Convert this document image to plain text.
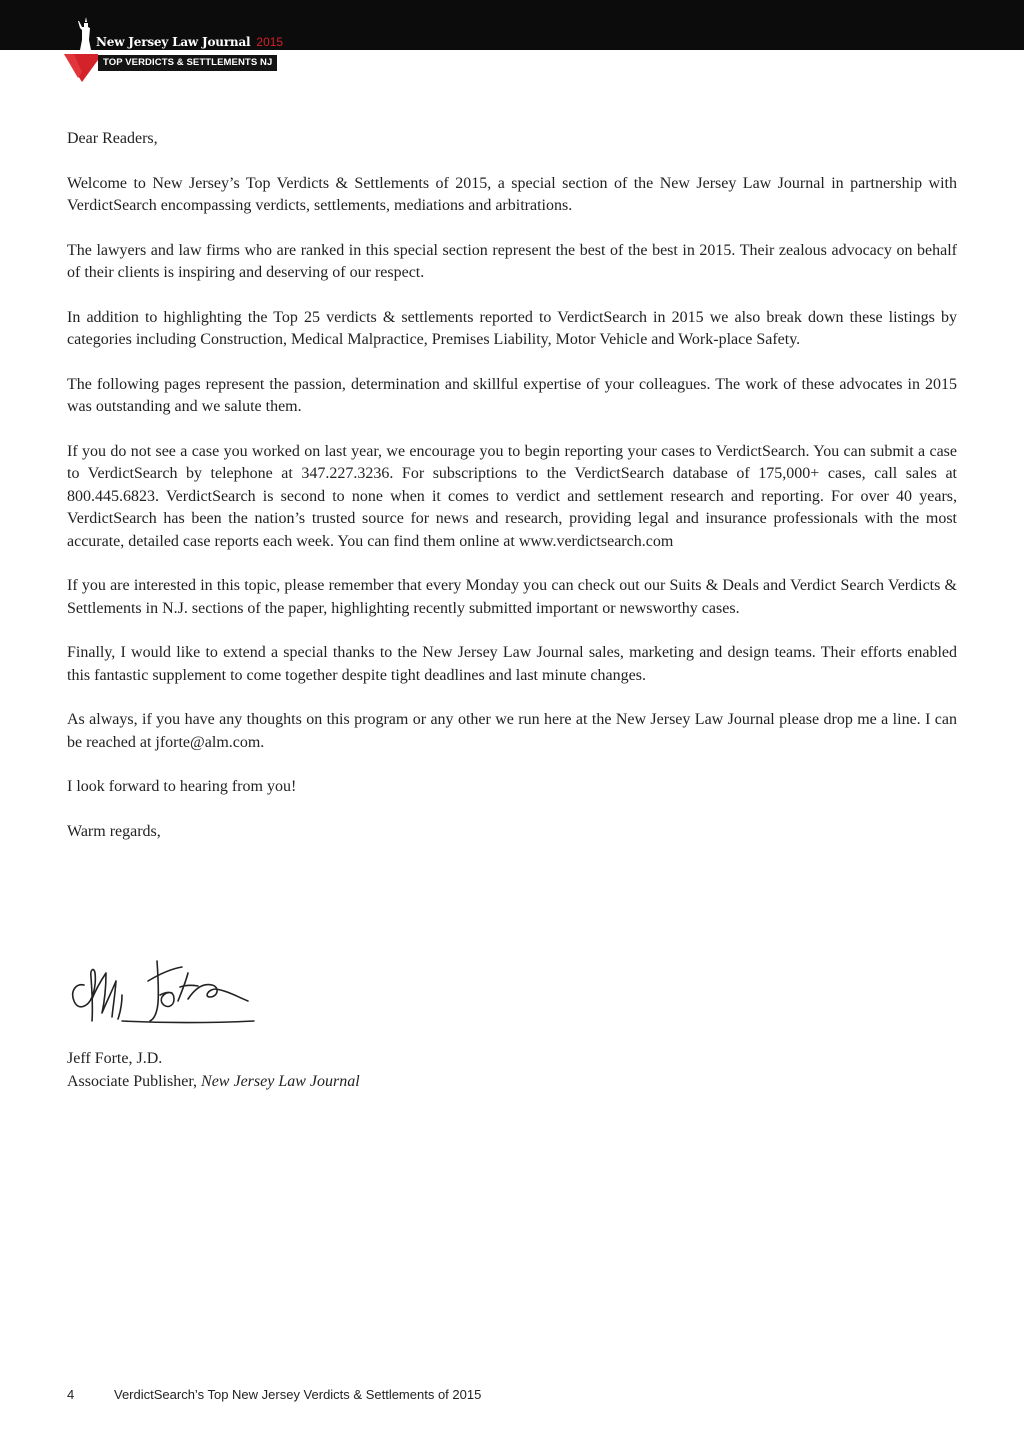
New Jersey Law Journal 2015
TOP VERDICTS & SETTLEMENTS NJ

Dear Readers,

Welcome to New Jersey’s Top Verdicts & Settlements of 2015, a special section of the New Jersey Law Journal in partnership with VerdictSearch encompassing verdicts, settlements, mediations and arbitrations.

The lawyers and law firms who are ranked in this special section represent the best of the best in 2015. Their zealous advocacy on behalf of their clients is inspiring and deserving of our respect.

In addition to highlighting the Top 25 verdicts & settlements reported to VerdictSearch in 2015 we also break down these listings by categories including Construction, Medical Malpractice, Premises Liability, Motor Vehicle and Work-place Safety.

The following pages represent the passion, determination and skillful expertise of your colleagues. The work of these advocates in 2015 was outstanding and we salute them.

If you do not see a case you worked on last year, we encourage you to begin reporting your cases to VerdictSearch. You can submit a case to VerdictSearch by telephone at 347.227.3236. For subscriptions to the VerdictSearch database of 175,000+ cases, call sales at 800.445.6823. VerdictSearch is second to none when it comes to verdict and settlement research and reporting. For over 40 years, VerdictSearch has been the nation’s trusted source for news and research, providing legal and insurance professionals with the most accurate, detailed case reports each week. You can find them online at www.verdictsearch.com

If you are interested in this topic, please remember that every Monday you can check out our Suits & Deals and Verdict Search Verdicts & Settlements in N.J. sections of the paper, highlighting recently submitted important or newsworthy cases.

Finally, I would like to extend a special thanks to the New Jersey Law Journal sales, marketing and design teams. Their efforts enabled this fantastic supplement to come together despite tight deadlines and last minute changes.

As always, if you have any thoughts on this program or any other we run here at the New Jersey Law Journal please drop me a line. I can be reached at jforte@alm.com.

I look forward to hearing from you!

Warm regards,

Jeff Forte, J.D.
Associate Publisher, New Jersey Law Journal
4	VerdictSearch’s Top New Jersey Verdicts & Settlements of 2015
